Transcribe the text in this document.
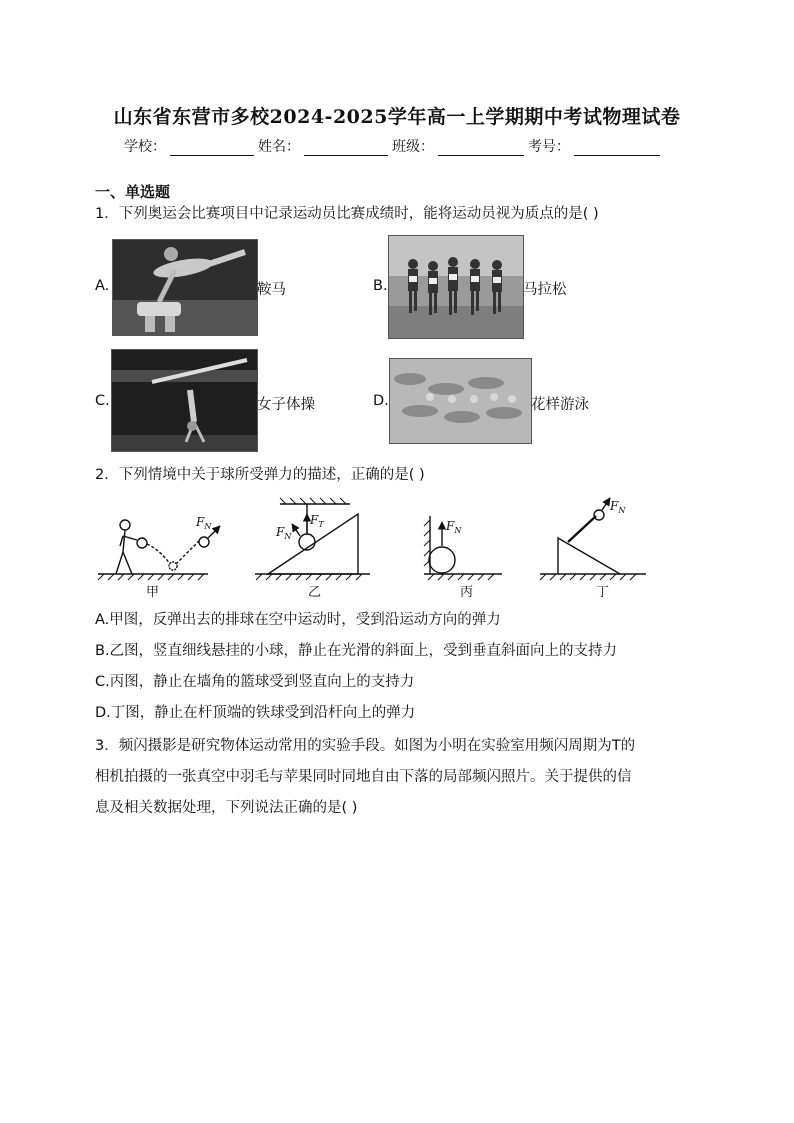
山东省东营市多校2024-2025学年高一上学期期中考试物理试卷
学校：	姓名：	班级：	考号：
一、单选题
1．下列奥运会比赛项目中记录运动员比赛成绩时，能将运动员视为质点的是( )
A.	鞍马	B.	马拉松
C.	女子体操	D.	花样游泳
2．下列情境中关于球所受弹力的描述，正确的是( )
$F_N$
甲
$F_N$
$F_T$
乙
$F_N$
丙
$F_N$
丁
A.甲图，反弹出去的排球在空中运动时，受到沿运动方向的弹力
B.乙图，竖直细线悬挂的小球，静止在光滑的斜面上，受到垂直斜面向上的支持力
C.丙图，静止在墙角的篮球受到竖直向上的支持力
D.丁图，静止在杆顶端的铁球受到沿杆向上的弹力
3．频闪摄影是研究物体运动常用的实验手段。如图为小明在实验室用频闪周期为T的
相机拍摄的一张真空中羽毛与苹果同时同地自由下落的局部频闪照片。关于提供的信
息及相关数据处理，下列说法正确的是( )
